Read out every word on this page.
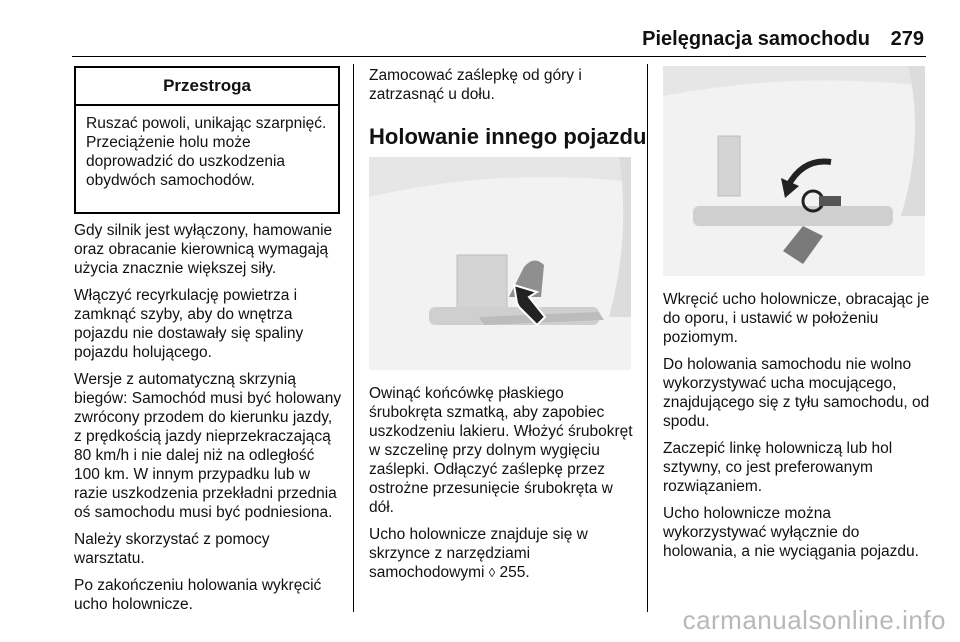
Pielęgnacja samochodu 279
Przestroga
Ruszać powoli, unikając szarpnięć. Przeciążenie holu może doprowadzić do uszkodzenia obydwóch samochodów.

Gdy silnik jest wyłączony, hamowanie oraz obracanie kierownicą wymagają użycia znacznie większej siły.

Włączyć recyrkulację powietrza i zamknąć szyby, aby do wnętrza pojazdu nie dostawały się spaliny pojazdu holującego.

Wersje z automatyczną skrzynią biegów: Samochód musi być holowany zwrócony przodem do kierunku jazdy, z prędkością jazdy nieprzekraczającą 80 km/h i nie dalej niż na odległość 100 km. W innym przypadku lub w razie uszkodzenia przekładni przednia oś samochodu musi być podniesiona.

Należy skorzystać z pomocy warsztatu.

Po zakończeniu holowania wykręcić ucho holownicze.

Zamocować zaślepkę od góry i zatrzasnąć u dołu.

Holowanie innego pojazdu

Owinąć końcówkę płaskiego śrubokręta szmatką, aby zapobiec uszkodzeniu lakieru. Włożyć śrubokręt w szczelinę przy dolnym wygięciu zaślepki. Odłączyć zaślepkę przez ostrożne przesunięcie śrubokręta w dół.

Ucho holownicze znajduje się w skrzynce z narzędziami samochodowymi ◊ 255.

Wkręcić ucho holownicze, obracając je do oporu, i ustawić w położeniu poziomym.

Do holowania samochodu nie wolno wykorzystywać ucha mocującego, znajdującego się z tyłu samochodu, od spodu.

Zaczepić linkę holowniczą lub hol sztywny, co jest preferowanym rozwiązaniem.

Ucho holownicze można wykorzystywać wyłącznie do holowania, a nie wyciągania pojazdu.

carmanualsonline.info
